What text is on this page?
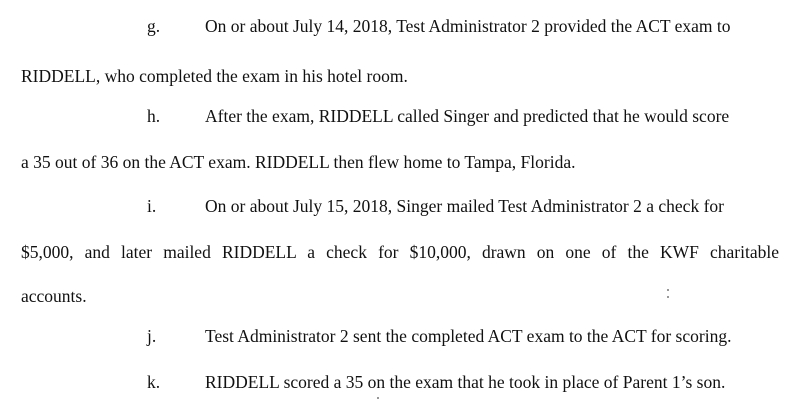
g.	On or about July 14, 2018, Test Administrator 2 provided the ACT exam to
RIDDELL, who completed the exam in his hotel room.
h.	After the exam, RIDDELL called Singer and predicted that he would score
a 35 out of 36 on the ACT exam. RIDDELL then flew home to Tampa, Florida.
i.	On or about July 15, 2018, Singer mailed Test Administrator 2 a check for
$5,000, and later mailed RIDDELL a check for $10,000, drawn on one of the KWF charitable
accounts.
j.	Test Administrator 2 sent the completed ACT exam to the ACT for scoring.
k.	RIDDELL scored a 35 on the exam that he took in place of Parent 1’s son.
